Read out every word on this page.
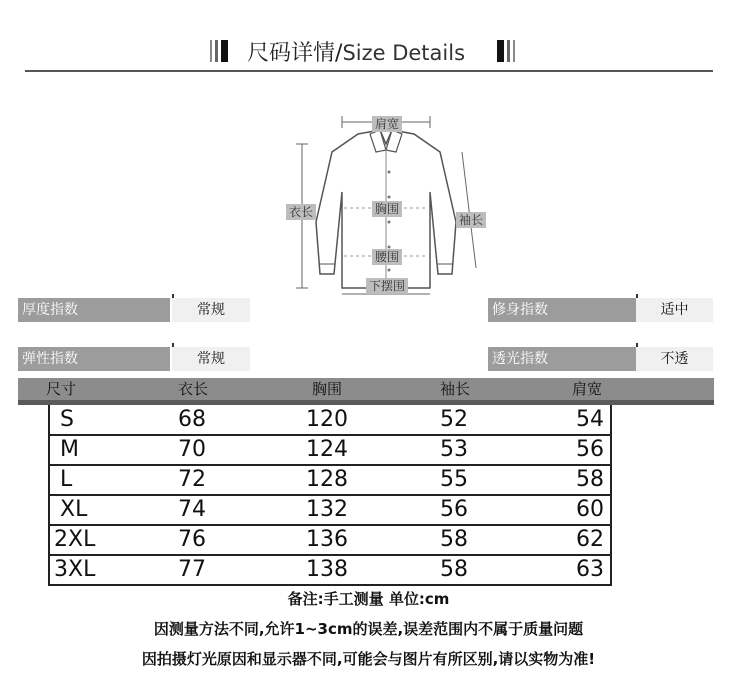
尺码详情/Size Details
肩宽
衣长	胸围
袖长
腰围
下摆围
厚度指数	常规	修身指数	适中
弹性指数	常规	透光指数	不透
尺寸	衣长	胸围	袖长	肩宽
S	68	120	52	54
M	70	124	53	56
L	72	128	55	58
XL	74	132	56	60
2XL	76	136	58	62
3XL	77	138	58	63
备注:手工测量 单位:cm
因测量方法不同,允许1~3cm的误差,误差范围内不属于质量问题
因拍摄灯光原因和显示器不同,可能会与图片有所区别,请以实物为准!
